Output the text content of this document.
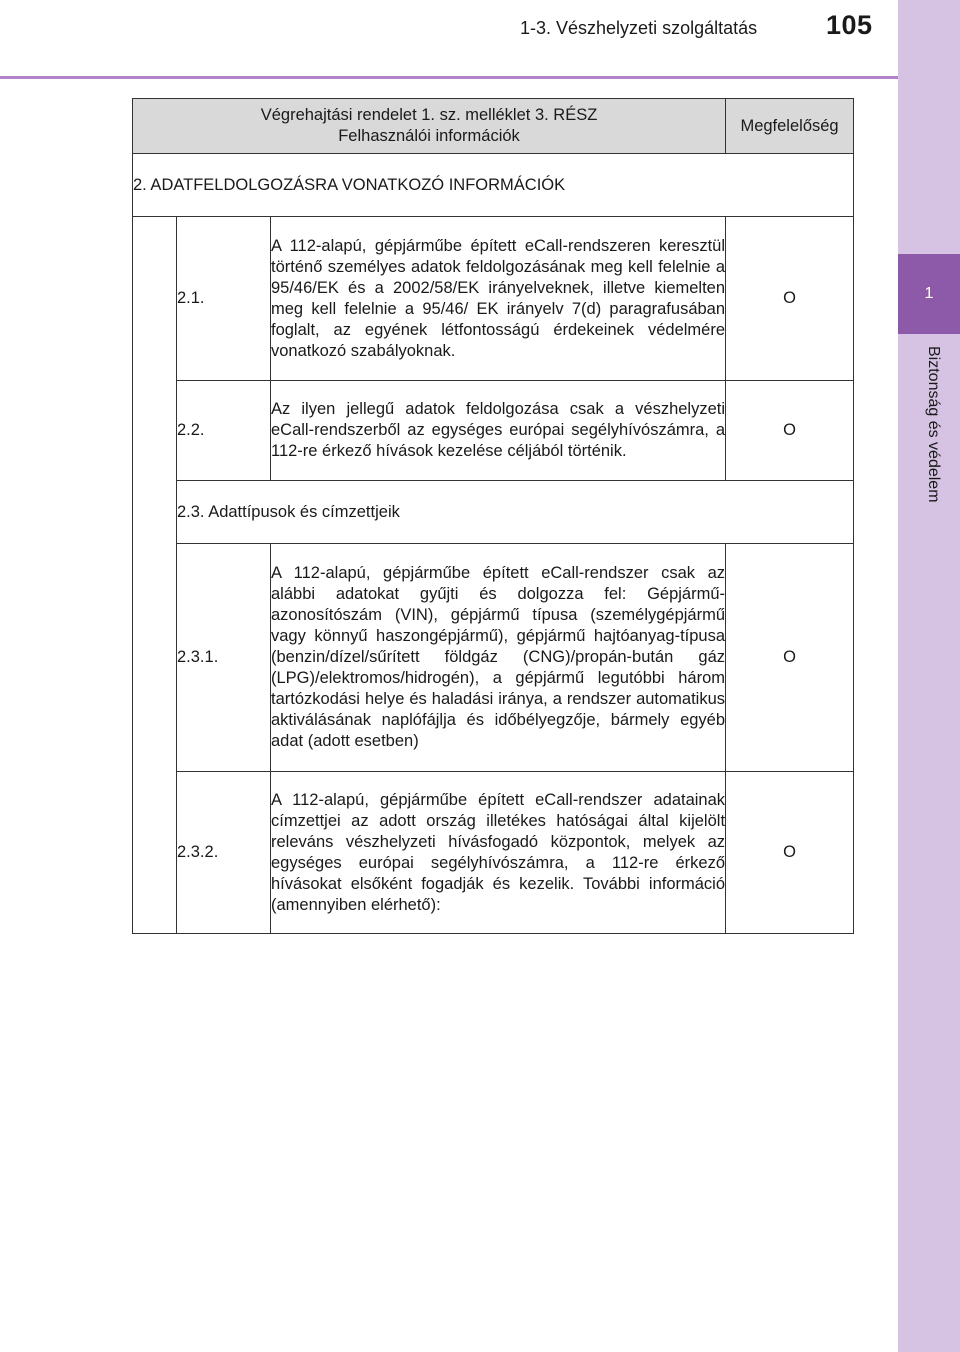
1-3. Vészhelyzeti szolgáltatás	105
1
Biztonság és védelem
Végrehajtási rendelet 1. sz. melléklet 3. RÉSZ
Felhasználói információk			Megfelelőség
2. ADATFELDOLGOZÁSRA VONATKOZÓ INFORMÁCIÓK			
	2.1.	A 112-alapú, gépjárműbe épített eCall-rendszeren keresztül történő személyes adatok feldolgozásának meg kell felelnie a 95/46/EK és a 2002/58/EK irányelveknek, illetve kiemelten meg kell felelnie a 95/46/ EK irányelv 7(d) paragrafusában foglalt, az egyének létfontosságú érdekeinek védelmére vonatkozó szabályoknak.	O
	2.2.	Az ilyen jellegű adatok feldolgozása csak a vészhelyzeti eCall-rendszerből az egységes európai segélyhívószámra, a 112-re érkező hívások kezelése céljából történik.	O
	2.3. Adattípusok és címzettjeik		
	2.3.1.	A 112-alapú, gépjárműbe épített eCall-rendszer csak az alábbi adatokat gyűjti és dolgozza fel: Gépjármű-azonosítószám (VIN), gépjármű típusa (személygépjármű vagy könnyű haszongépjármű), gépjármű hajtóanyag-típusa (benzin/dízel/sűrített földgáz (CNG)/propán-bután gáz (LPG)/elektromos/hidrogén), a gépjármű legutóbbi három tartózkodási helye és haladási iránya, a rendszer automatikus aktiválásának naplófájlja és időbélyegzője, bármely egyéb adat (adott esetben)	O
	2.3.2.	A 112-alapú, gépjárműbe épített eCall-rendszer adatainak címzettjei az adott ország illetékes hatóságai által kijelölt releváns vészhelyzeti hívásfogadó központok, melyek az egységes európai segélyhívószámra, a 112-re érkező hívásokat elsőként fogadják és kezelik. További információ (amennyiben elérhető):	O
